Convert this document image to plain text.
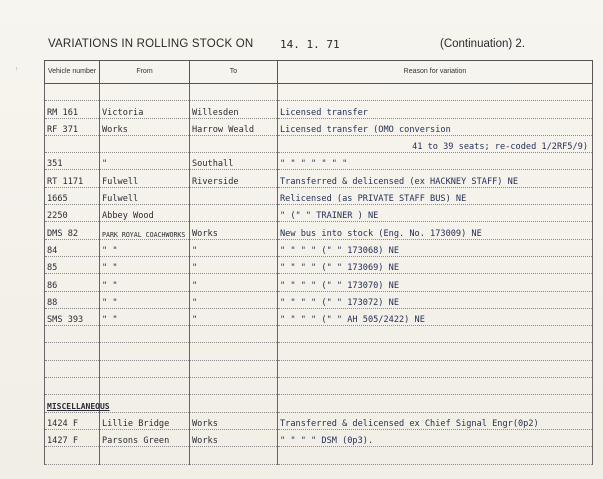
ꜝ
VARIATIONS IN ROLLING STOCK ON 14. 1. 71	(Continuation) 2.
Vehicle number	From	To	Reason for variation

RM 161	Victoria	Willesden	Licensed transfer
RF 371	Works	Harrow Weald	Licensed transfer (OMO conversion

			41 to 39 seats; re-coded 1/2RF5/9)

351	"	Southall	" " " " " " "
RT 1171	Fulwell	Riverside	Transferred & delicensed (ex HACKNEY STAFF) NE
1665	Fulwell		Relicensed (as PRIVATE STAFF BUS) NE
2250	Abbey Wood		" (" " TRAINER ) NE
DMS 82	PARK ROYAL COACHWORKS	Works	New bus into stock (Eng. No. 173009) NE
84	" "	"	" " " " (" " 173068) NE
85	" "	"	" " " " (" " 173069) NE
86	" "	"	" " " " (" " 173070) NE
88	" "	"	" " " " (" " 173072) NE
SMS 393	" "	"	" " " " (" " AH 505/2422) NE

MISCELLANEOUS			
1424 F	Lillie Bridge	Works	Transferred & delicensed ex Chief Signal Engr(0p2)
1427 F	Parsons Green	Works	" " " " DSM (0p3).
